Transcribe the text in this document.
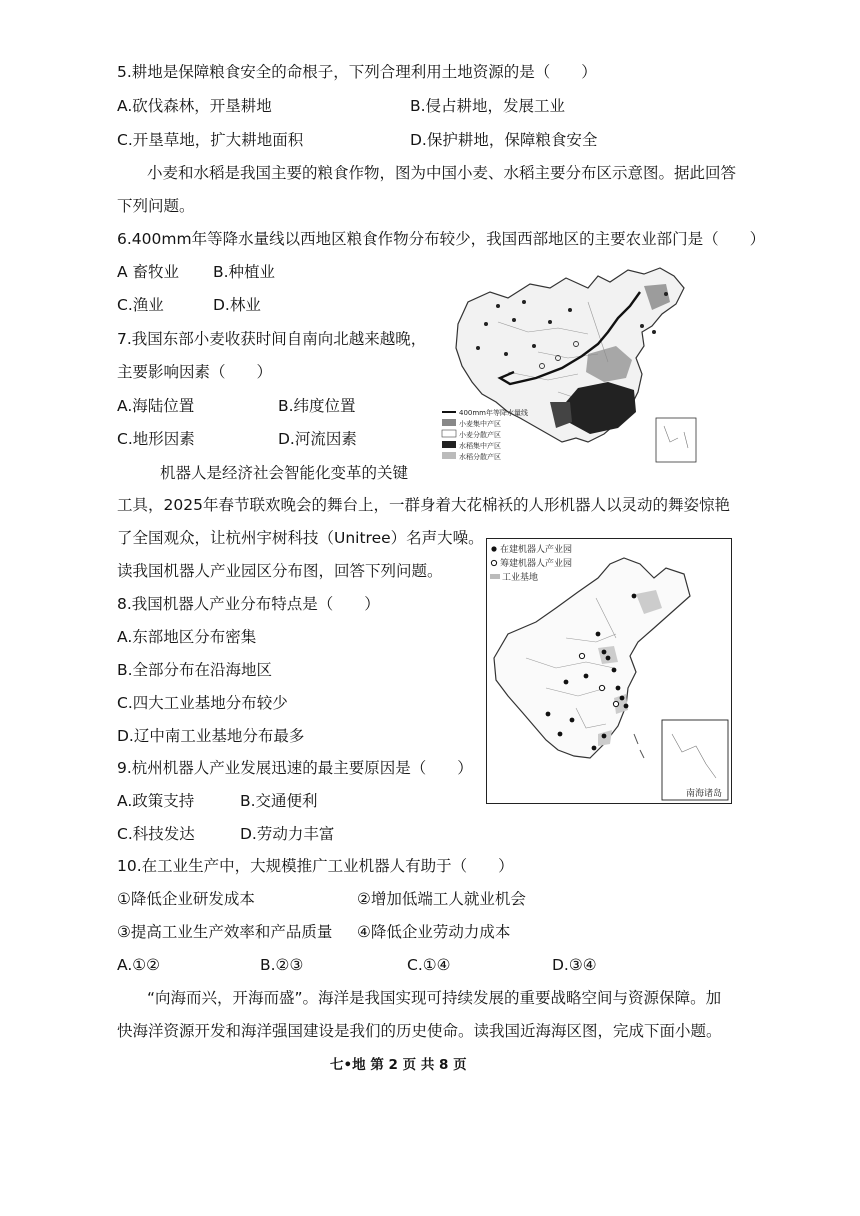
5.耕地是保障粮食安全的命根子，下列合理利用土地资源的是（　　）
A.砍伐森林，开垦耕地	B.侵占耕地，发展工业
C.开垦草地，扩大耕地面积	D.保护耕地，保障粮食安全
小麦和水稻是我国主要的粮食作物，图为中国小麦、水稻主要分布区示意图。据此回答
下列问题。
6.400mm年等降水量线以西地区粮食作物分布较少，我国西部地区的主要农业部门是（　　）
A 畜牧业 B.种植业
C.渔业	D.林业
7.我国东部小麦收获时间自南向北越来越晚，
主要影响因素（　　）
A.海陆位置	B.纬度位置
C.地形因素	D.河流因素
400mm年等降水量线
小麦集中产区
小麦分散产区
水稻集中产区
水稻分散产区
机器人是经济社会智能化变革的关键
工具，2025年春节联欢晚会的舞台上，一群身着大花棉袄的人形机器人以灵动的舞姿惊艳
了全国观众，让杭州宇树科技（Unitree）名声大噪。
读我国机器人产业园区分布图，回答下列问题。
在建机器人产业园
筹建机器人产业园
工业基地
南海诸岛
8.我国机器人产业分布特点是（　　）
A.东部地区分布密集
B.全部分布在沿海地区
C.四大工业基地分布较少
D.辽中南工业基地分布最多
9.杭州机器人产业发展迅速的最主要原因是（　　）
A.政策支持	B.交通便利
C.科技发达	D.劳动力丰富
10.在工业生产中，大规模推广工业机器人有助于（　　）
①降低企业研发成本	②增加低端工人就业机会
③提高工业生产效率和产品质量 ④降低企业劳动力成本
A.①②	B.②③	C.①④	D.③④
“向海而兴，开海而盛”。海洋是我国实现可持续发展的重要战略空间与资源保障。加
快海洋资源开发和海洋强国建设是我们的历史使命。读我国近海海区图，完成下面小题。
七•地 第 2 页 共 8 页
